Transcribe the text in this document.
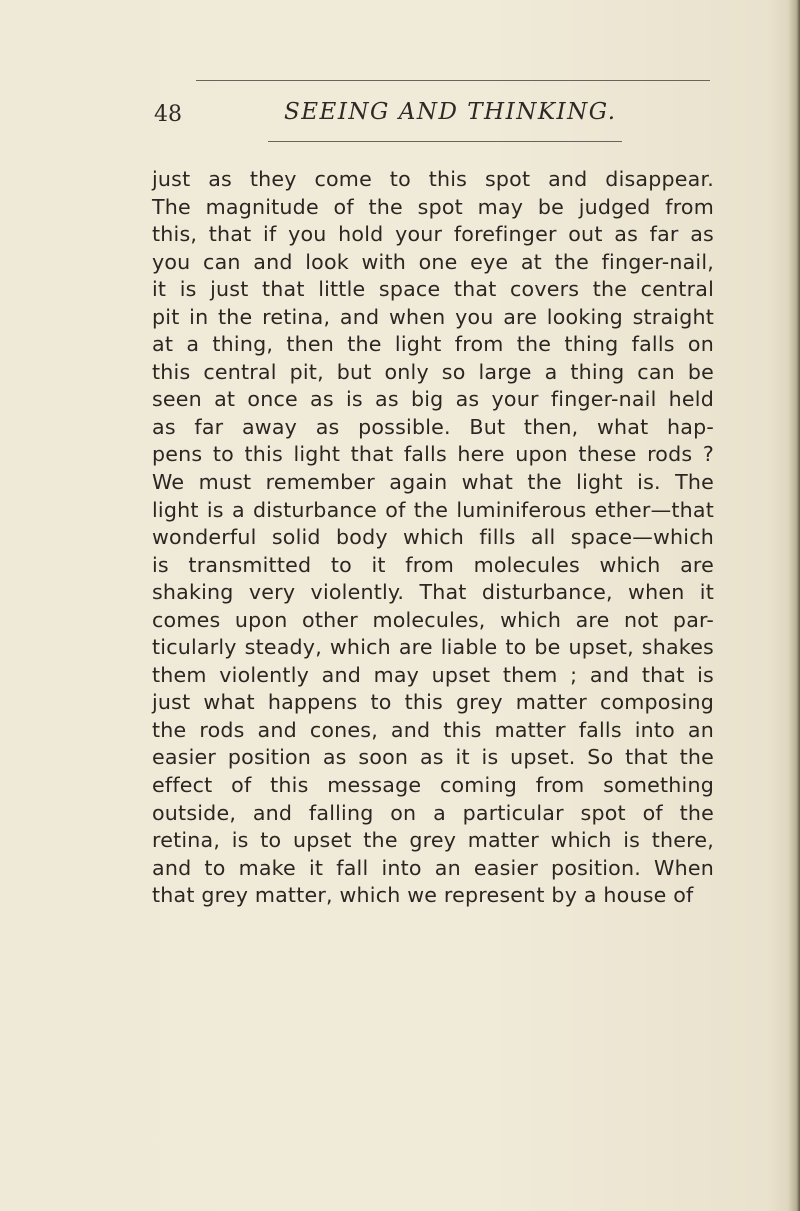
48	SEEING AND THINKING.
just as they come to this spot and disappear.
The magnitude of the spot may be judged from
this, that if you hold your forefinger out as far as
you can and look with one eye at the finger-nail,
it is just that little space that covers the central
pit in the retina, and when you are looking straight
at a thing, then the light from the thing falls on
this central pit, but only so large a thing can be
seen at once as is as big as your finger-nail held
as far away as possible. But then, what hap-
pens to this light that falls here upon these rods ?
We must remember again what the light is. The
light is a disturbance of the luminiferous ether—that
wonderful solid body which fills all space—which
is transmitted to it from molecules which are
shaking very violently. That disturbance, when it
comes upon other molecules, which are not par-
ticularly steady, which are liable to be upset, shakes
them violently and may upset them ; and that is
just what happens to this grey matter composing
the rods and cones, and this matter falls into an
easier position as soon as it is upset. So that the
effect of this message coming from something
outside, and falling on a particular spot of the
retina, is to upset the grey matter which is there,
and to make it fall into an easier position. When
that grey matter, which we represent by a house of
